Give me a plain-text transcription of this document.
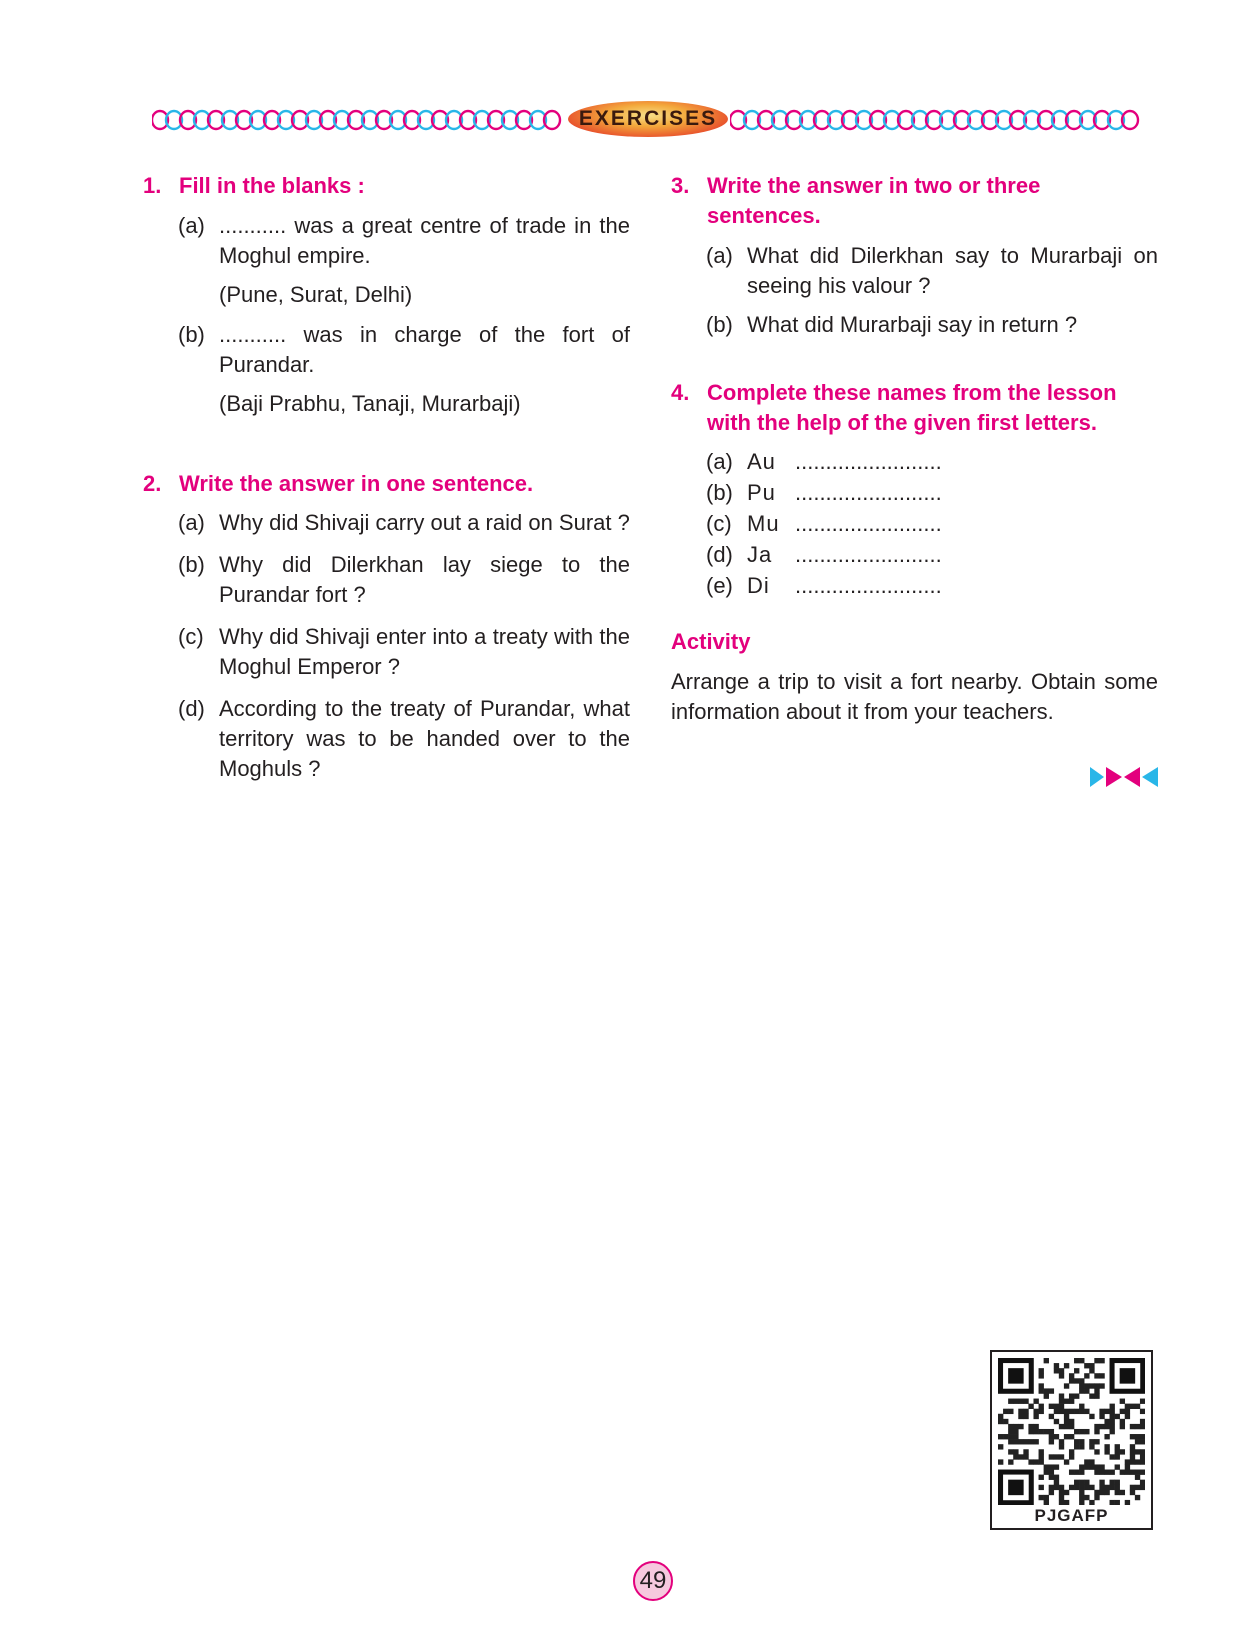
EXERCISES
1. Fill in the blanks :
(a) ........... was a great centre of trade in the Moghul empire.
(Pune, Surat, Delhi)
(b) ........... was in charge of the fort of Purandar.
(Baji Prabhu, Tanaji, Murarbaji)
2. Write the answer in one sentence.
(a) Why did Shivaji carry out a raid on Surat ?
(b) Why did Dilerkhan lay siege to the Purandar fort ?
(c) Why did Shivaji enter into a treaty with the Moghul Emperor ?
(d) According to the treaty of Purandar, what territory was to be handed over to the Moghuls ?
3. Write the answer in two or three sentences.
(a) What did Dilerkhan say to Murarbaji on seeing his valour ?
(b) What did Murarbaji say in return ?
4. Complete these names from the lesson with the help of the given first letters.
(a) Au ........................
(b) Pu ........................
(c) Mu ........................
(d) Ja	........................
(e) Di	........................
Activity
Arrange a trip to visit a fort nearby. Obtain some information about it from your teachers.
PJGAFP
49
